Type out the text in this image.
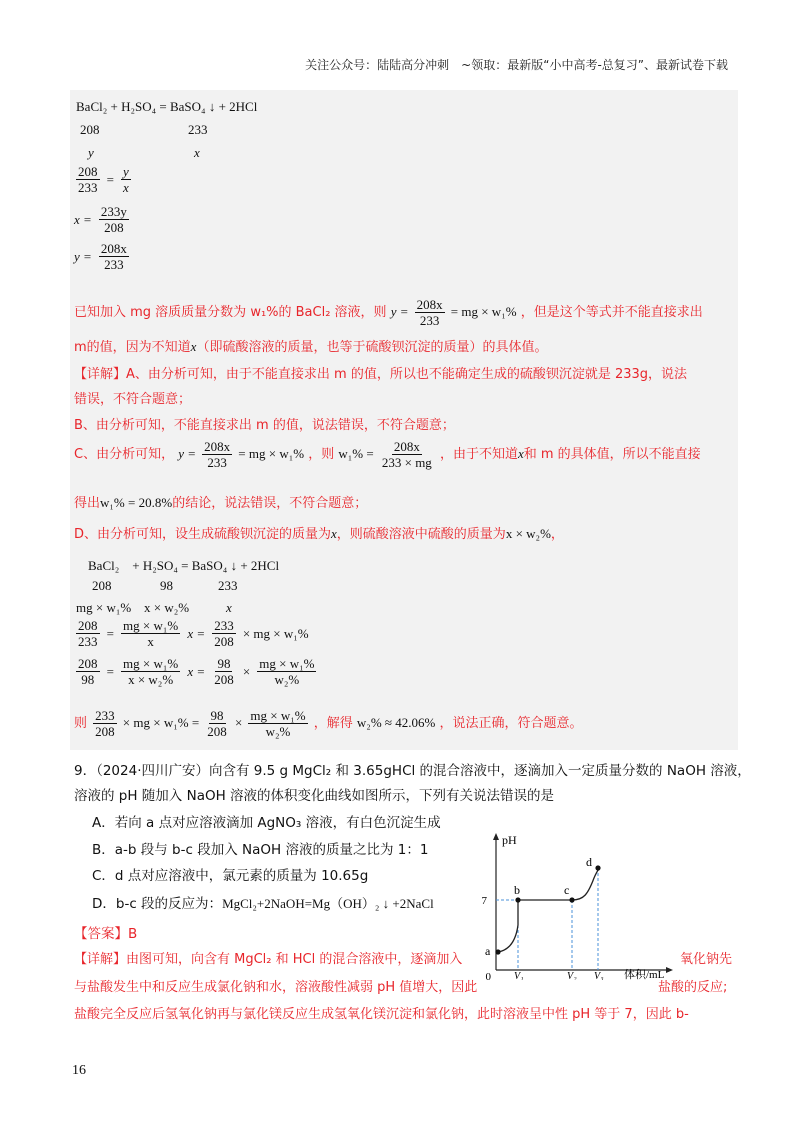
关注公众号：陆陆高分冲刺　~领取：最新版“小中高考-总复习”、最新试卷下载
BaCl₂ + H₂SO₄ = BaSO₄ ↓ + 2HCl
208	233
y	x
$\frac{208}{233} = \frac{y}{x}$
$x = \frac{233y}{208}$
$y = \frac{208x}{233}$
已知加入 mg 溶质质量分数为 w₁%的 BaCl₂ 溶液，则 $y = \frac{208x}{233}$ = mg × w₁% ，但是这个等式并不能直接求出
m的值，因为不知道x（即硫酸溶液的质量，也等于硫酸钡沉淀的质量）的具体值。
【详解】A、由分析可知，由于不能直接求出 m 的值，所以也不能确定生成的硫酸钡沉淀就是 233g，说法
错误，不符合题意；
B、由分析可知，不能直接求出 m 的值，说法错误，不符合题意；
C、由分析可知， $y = \frac{208x}{233}$ = mg × w₁% ，则 $w_1\% = \frac{208x}{233 \times mg}$ ，由于不知道x和 m 的具体值，所以不能直接
得出w₁% = 20.8%的结论，说法错误，不符合题意；
D、由分析可知，设生成硫酸钡沉淀的质量为x，则硫酸溶液中硫酸的质量为x × w₂%，
BaCl₂　+ H₂SO₄ = BaSO₄ ↓ + 2HCl
208	98	233
mg × w₁% x × w₂%	x
$\frac{208}{233} = \frac{\text{mg × w₁\%}}{x}$ $x = \frac{233}{208}$ × mg × w₁%
$\frac{208}{98} = \frac{\text{mg × w₁\%}}{\text{x × w₂\%}}$ $x = \frac{98}{208} \times \frac{\text{mg × w₁\%}}{\text{w₂\%}}$
则 $\frac{233}{208}$ × mg × $w_1\% = \frac{98}{208} \times \frac{\text{mg × w₁\%}}{\text{w₂\%}}$ ，解得 w₂% ≈ 42.06% ，说法正确，符合题意。
9．（2024·四川广安）向含有 9.5 g MgCl₂ 和 3.65gHCl 的混合溶液中，逐滴加入一定质量分数的 NaOH 溶液，
溶液的 pH 随加入 NaOH 溶液的体积变化曲线如图所示，下列有关说法错误的是
A．若向 a 点对应溶液滴加 AgNO₃ 溶液，有白色沉淀生成
B．a-b 段与 b-c 段加入 NaOH 溶液的质量之比为 1：1
C．d 点对应溶液中，氯元素的质量为 10.65g
D．b-c 段的反应为：MgCl₂+2NaOH=Mg（OH）₂ ↓ +2NaCl
【答案】B
【详解】由图可知，向含有 MgCl₂ 和 HCl 的混合溶液中，逐滴加入	氧化钠先
与盐酸发生中和反应生成氯化钠和水，溶液酸性减弱 pH 值增大，因此	盐酸的反应;
盐酸完全反应后氢氧化钠再与氯化镁反应生成氢氧化镁沉淀和氯化钠，此时溶液呈中性 pH 等于 7，因此 b-
pH
7
0	体积/mL
a
b	c
d
V₁	V₂ V₃
16
